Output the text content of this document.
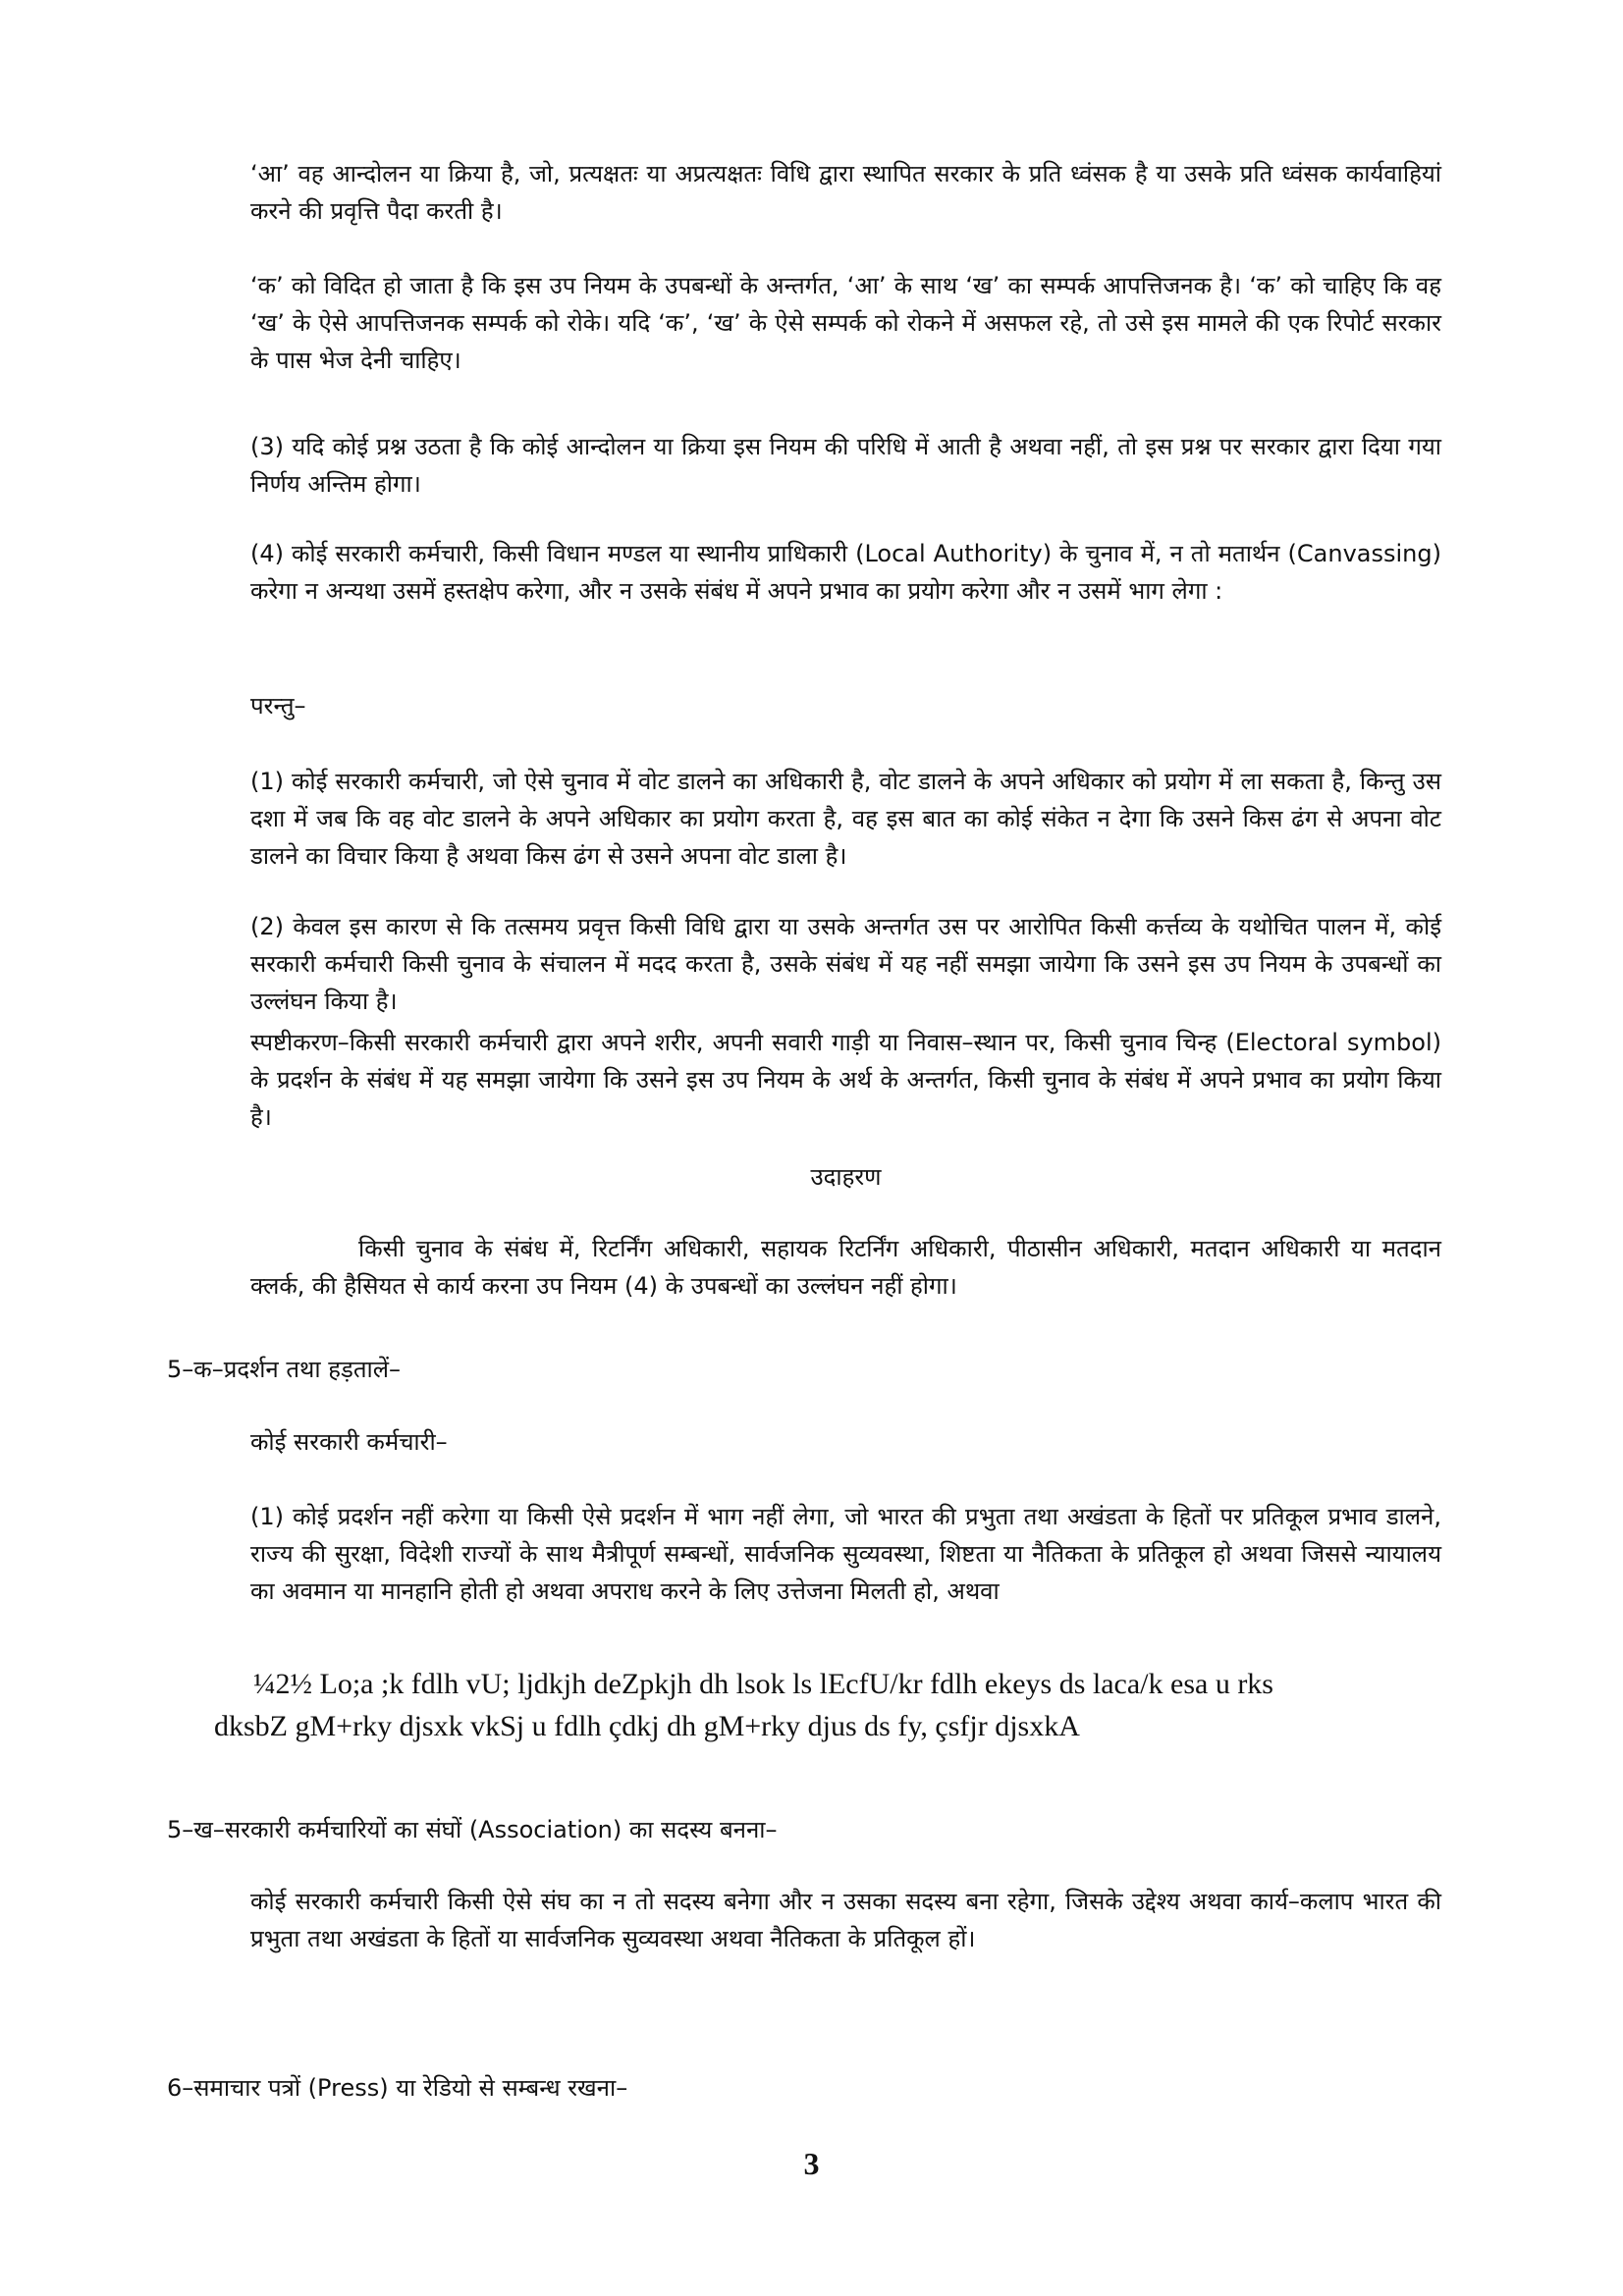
‘आ’ वह आन्दोलन या क्रिया है, जो, प्रत्यक्षतः या अप्रत्यक्षतः विधि द्वारा स्थापित सरकार के प्रति ध्वंसक है या उसके प्रति ध्वंसक कार्यवाहियां करने की प्रवृत्ति पैदा करती है।

‘क’ को विदित हो जाता है कि इस उप नियम के उपबन्धों के अन्तर्गत, ‘आ’ के साथ ‘ख’ का सम्पर्क आपत्तिजनक है। ‘क’ को चाहिए कि वह ‘ख’ के ऐसे आपत्तिजनक सम्पर्क को रोके। यदि ‘क’, ‘ख’ के ऐसे सम्पर्क को रोकने में असफल रहे, तो उसे इस मामले की एक रिपोर्ट सरकार के पास भेज देनी चाहिए।

(3) यदि कोई प्रश्न उठता है कि कोई आन्दोलन या क्रिया इस नियम की परिधि में आती है अथवा नहीं, तो इस प्रश्न पर सरकार द्वारा दिया गया निर्णय अन्तिम होगा।

(4) कोई सरकारी कर्मचारी, किसी विधान मण्डल या स्थानीय प्राधिकारी (Local Authority) के चुनाव में, न तो मतार्थन (Canvassing) करेगा न अन्यथा उसमें हस्तक्षेप करेगा, और न उसके संबंध में अपने प्रभाव का प्रयोग करेगा और न उसमें भाग लेगा :

परन्तु–

(1) कोई सरकारी कर्मचारी, जो ऐसे चुनाव में वोट डालने का अधिकारी है, वोट डालने के अपने अधिकार को प्रयोग में ला सकता है, किन्तु उस दशा में जब कि वह वोट डालने के अपने अधिकार का प्रयोग करता है, वह इस बात का कोई संकेत न देगा कि उसने किस ढंग से अपना वोट डालने का विचार किया है अथवा किस ढंग से उसने अपना वोट डाला है।

(2) केवल इस कारण से कि तत्समय प्रवृत्त किसी विधि द्वारा या उसके अन्तर्गत उस पर आरोपित किसी कर्त्तव्य के यथोचित पालन में, कोई सरकारी कर्मचारी किसी चुनाव के संचालन में मदद करता है, उसके संबंध में यह नहीं समझा जायेगा कि उसने इस उप नियम के उपबन्धों का उल्लंघन किया है।

स्पष्टीकरण–किसी सरकारी कर्मचारी द्वारा अपने शरीर, अपनी सवारी गाड़ी या निवास–स्थान पर, किसी चुनाव चिन्ह (Electoral symbol) के प्रदर्शन के संबंध में यह समझा जायेगा कि उसने इस उप नियम के अर्थ के अन्तर्गत, किसी चुनाव के संबंध में अपने प्रभाव का प्रयोग किया है।

उदाहरण

किसी चुनाव के संबंध में, रिटर्निंग अधिकारी, सहायक रिटर्निंग अधिकारी, पीठासीन अधिकारी, मतदान अधिकारी या मतदान क्लर्क, की हैसियत से कार्य करना उप नियम (4) के उपबन्धों का उल्लंघन नहीं होगा।

5–क–प्रदर्शन तथा हड़तालें–

कोई सरकारी कर्मचारी–

(1) कोई प्रदर्शन नहीं करेगा या किसी ऐसे प्रदर्शन में भाग नहीं लेगा, जो भारत की प्रभुता तथा अखंडता के हितों पर प्रतिकूल प्रभाव डालने, राज्य की सुरक्षा, विदेशी राज्यों के साथ मैत्रीपूर्ण सम्बन्धों, सार्वजनिक सुव्यवस्था, शिष्टता या नैतिकता के प्रतिकूल हो अथवा जिससे न्यायालय का अवमान या मानहानि होती हो अथवा अपराध करने के लिए उत्तेजना मिलती हो, अथवा

¼2½ Lo;a ;k fdlh vU; ljdkjh deZpkjh dh lsok ls lEcfU/kr fdlh ekeys ds laca/k esa u rks

dksbZ gM+rky djsxk vkSj u fdlh çdkj dh gM+rky djus ds fy, çsfjr djsxkA

5–ख–सरकारी कर्मचारियों का संघों (Association) का सदस्य बनना–

कोई सरकारी कर्मचारी किसी ऐसे संघ का न तो सदस्य बनेगा और न उसका सदस्य बना रहेगा, जिसके उद्देश्य अथवा कार्य–कलाप भारत की प्रभुता तथा अखंडता के हितों या सार्वजनिक सुव्यवस्था अथवा नैतिकता के प्रतिकूल हों।

6–समाचार पत्रों (Press) या रेडियो से सम्बन्ध रखना–

3
